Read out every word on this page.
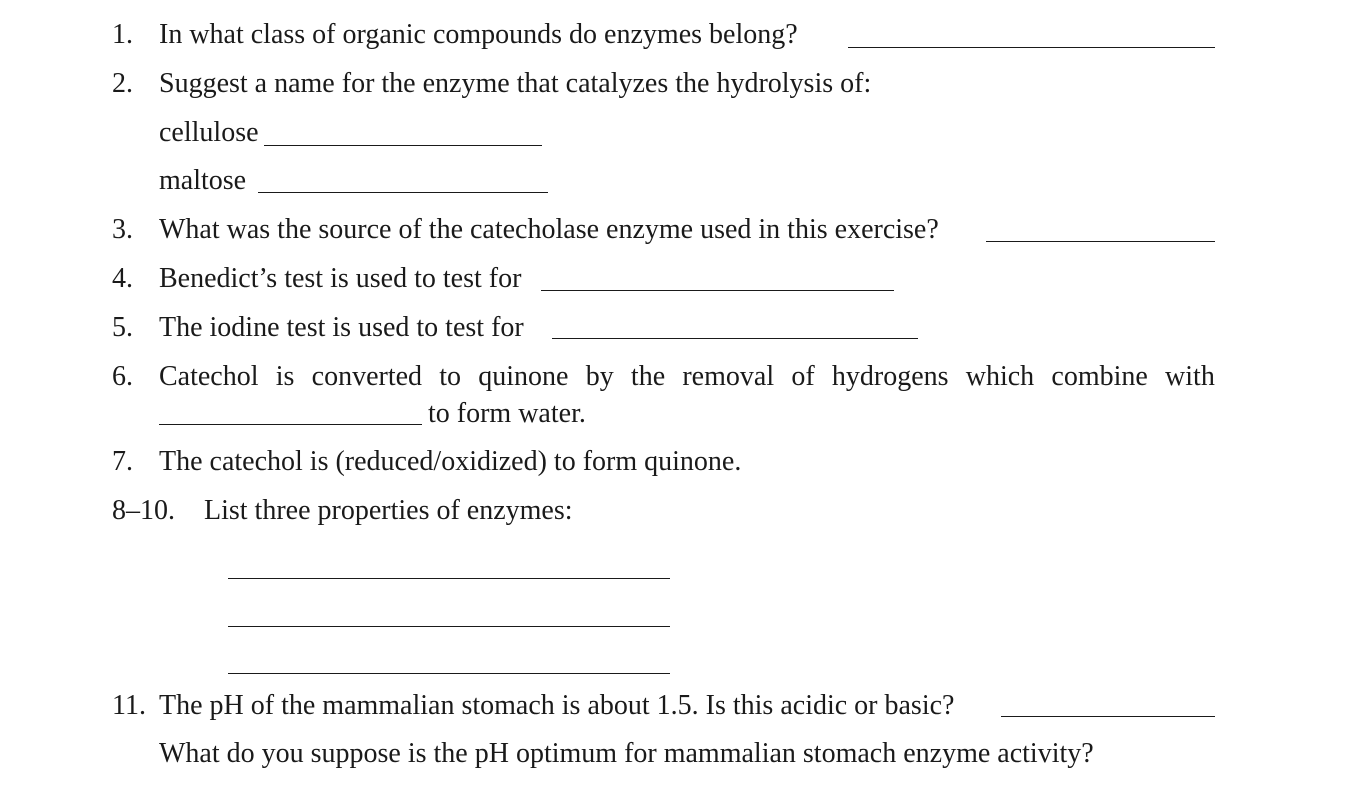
1. In what class of organic compounds do enzymes belong?
2. Suggest a name for the enzyme that catalyzes the hydrolysis of:
cellulose
maltose
3. What was the source of the catecholase enzyme used in this exercise?
4. Benedict’s test is used to test for
5. The iodine test is used to test for
6. Catechol is converted to quinone by the removal of hydrogens which combine with
to form water.
7. The catechol is (reduced/oxidized) to form quinone.
8–10. List three properties of enzymes:
11. The pH of the mammalian stomach is about 1.5. Is this acidic or basic?
What do you suppose is the pH optimum for mammalian stomach enzyme activity?
